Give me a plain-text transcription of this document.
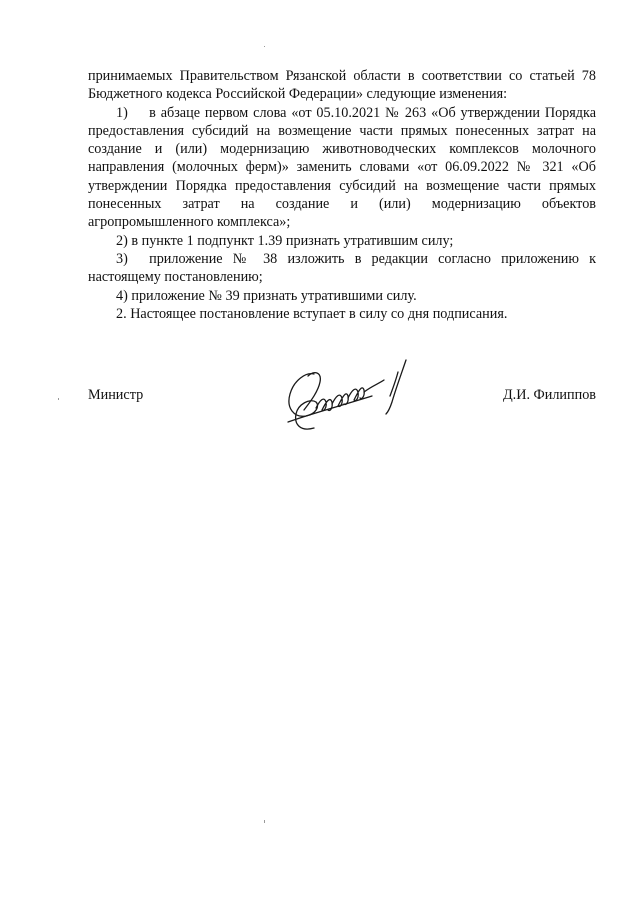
принимаемых Правительством Рязанской области в соответствии со статьей 78 Бюджетного кодекса Российской Федерации» следующие изменения:

1)  в абзаце первом слова «от 05.10.2021 № 263 «Об утверждении Порядка предоставления субсидий на возмещение части прямых понесенных затрат на создание и (или) модернизацию животноводческих комплексов молочного направления (молочных ферм)» заменить словами «от 06.09.2022 № 321 «Об утверждении Порядка предоставления субсидий на возмещение части прямых понесенных затрат на создание и (или) модернизацию объектов агропромышленного комплекса»;

2) в пункте 1 подпункт 1.39 признать утратившим силу;

3)  приложение № 38 изложить в редакции согласно приложению к настоящему постановлению;

4) приложение № 39 признать утратившими силу.

2. Настоящее постановление вступает в силу со дня подписания.

Министр	Д.И. Филиппов
